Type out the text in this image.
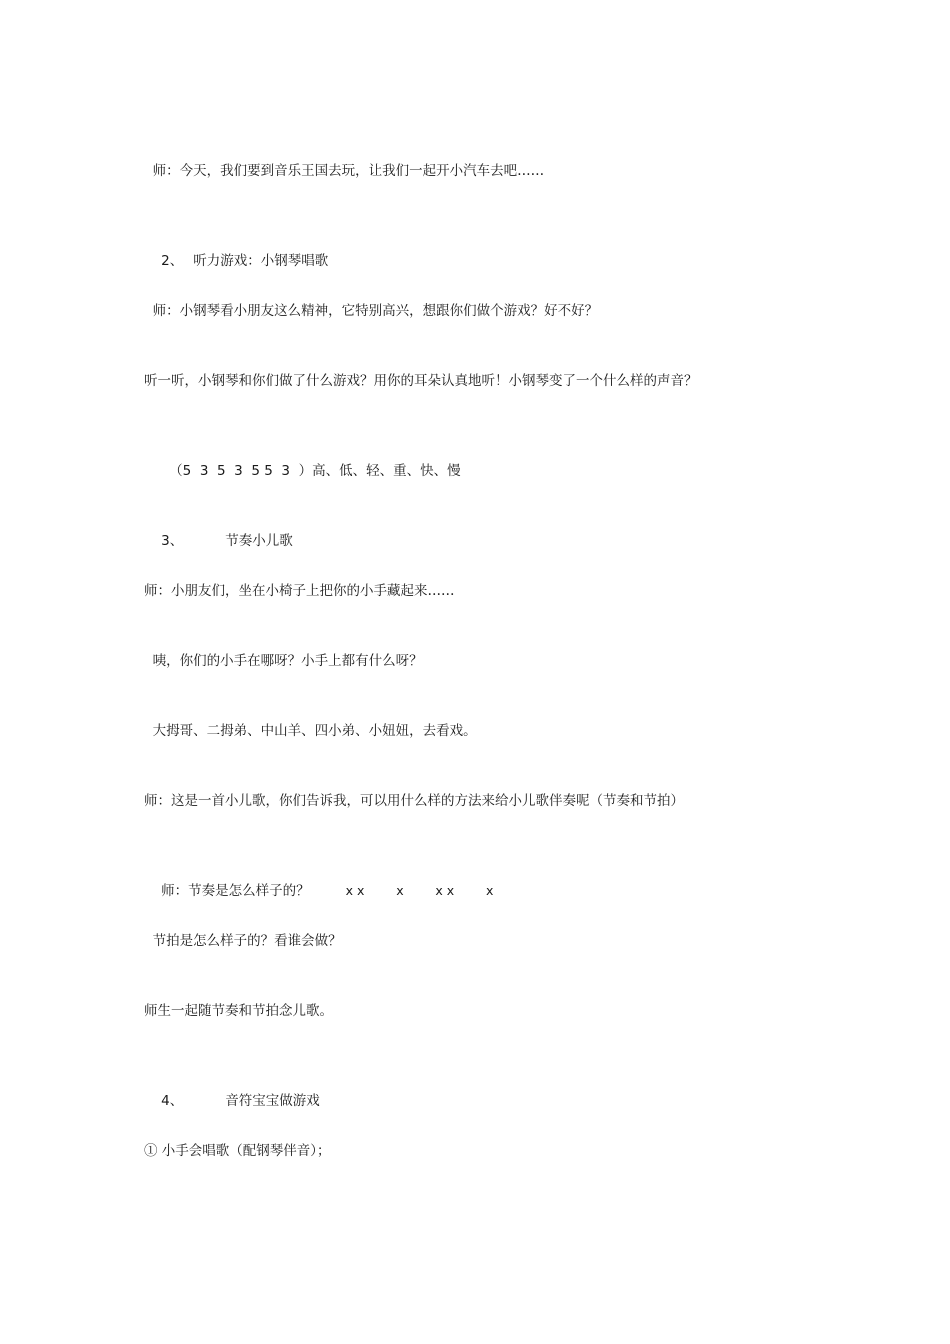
师：今天，我们要到音乐王国去玩，让我们一起开小汽车去吧……

2、 听力游戏：小钢琴唱歌

师：小钢琴看小朋友这么精神，它特别高兴，想跟你们做个游戏？好不好？
听一听，小钢琴和你们做了什么游戏？用你的耳朵认真地听！小钢琴变了一个什么样的声音？

（5  3  5  3  5 5  3  ）高、低、轻、重、快、慢

3、	节奏小儿歌

师：小朋友们，坐在小椅子上把你的小手藏起来……
咦，你们的小手在哪呀？小手上都有什么呀？
大拇哥、二拇弟、中山羊、四小弟、小妞妞，去看戏。
师：这是一首小儿歌，你们告诉我，可以用什么样的方法来给小儿歌伴奏呢（节奏和节拍）

师：节奏是怎么样子的？	x x        x        x x        x

节拍是怎么样子的？看谁会做？
师生一起随节奏和节拍念儿歌。

4、	音符宝宝做游戏

① 小手会唱歌（配钢琴伴音）；
